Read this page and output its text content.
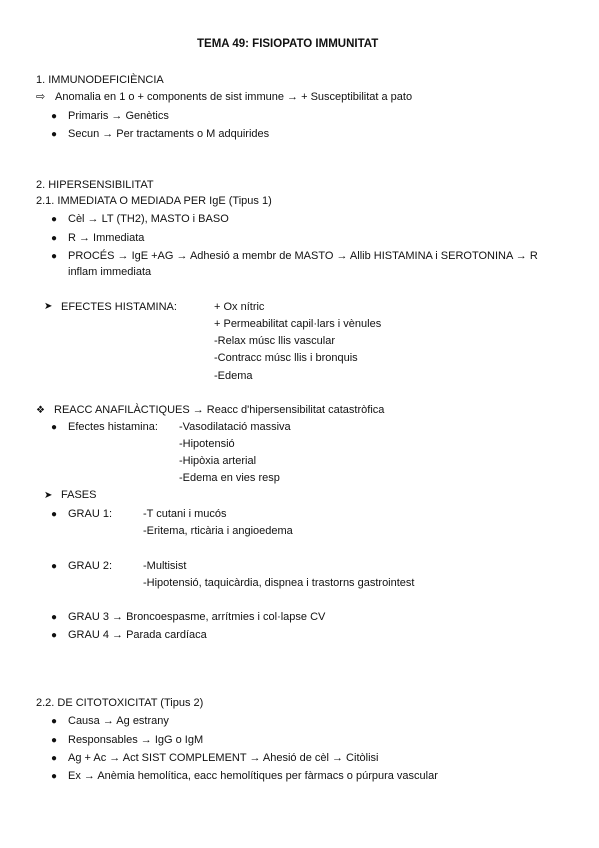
TEMA 49: FISIOPATO IMMUNITAT
1. IMMUNODEFICIÈNCIA
⇨ Anomalia en 1 o + components de sist immune → + Susceptibilitat a pato
● Primaris → Genètics
● Secun → Per tractaments o M adquirides
2. HIPERSENSIBILITAT
2.1. IMMEDIATA O MEDIADA PER IgE (Tipus 1)
● Cèl → LT (TH2), MASTO i BASO
● R → Immediata
● PROCÉS → IgE +AG → Adhesió a membr de MASTO → Allib HISTAMINA i SEROTONINA → R
inflam immediata
➤ EFECTES HISTAMINA:	+ Ox nítric
+ Permeabilitat capil·lars i vènules
-Relax músc llis vascular
-Contracc músc llis i bronquis
-Edema
❖ REACC ANAFILÀCTIQUES → Reacc d'hipersensibilitat catastròfica
● Efectes histamina: -Vasodilatació massiva
-Hipotensió
-Hipòxia arterial
-Edema en vies resp
➤ FASES
● GRAU 1:	-T cutani i mucós
-Eritema, rticària i angioedema
● GRAU 2:	-Multisist
-Hipotensió, taquicàrdia, dispnea i trastorns gastrointest
● GRAU 3 → Broncoespasme, arrítmies i col·lapse CV
● GRAU 4 → Parada cardíaca
2.2. DE CITOTOXICITAT (Tipus 2)
● Causa → Ag estrany
● Responsables → IgG o IgM
● Ag + Ac → Act SIST COMPLEMENT → Ahesió de cèl → Citòlisi
● Ex → Anèmia hemolítica, eacc hemolítiques per fàrmacs o púrpura vascular
